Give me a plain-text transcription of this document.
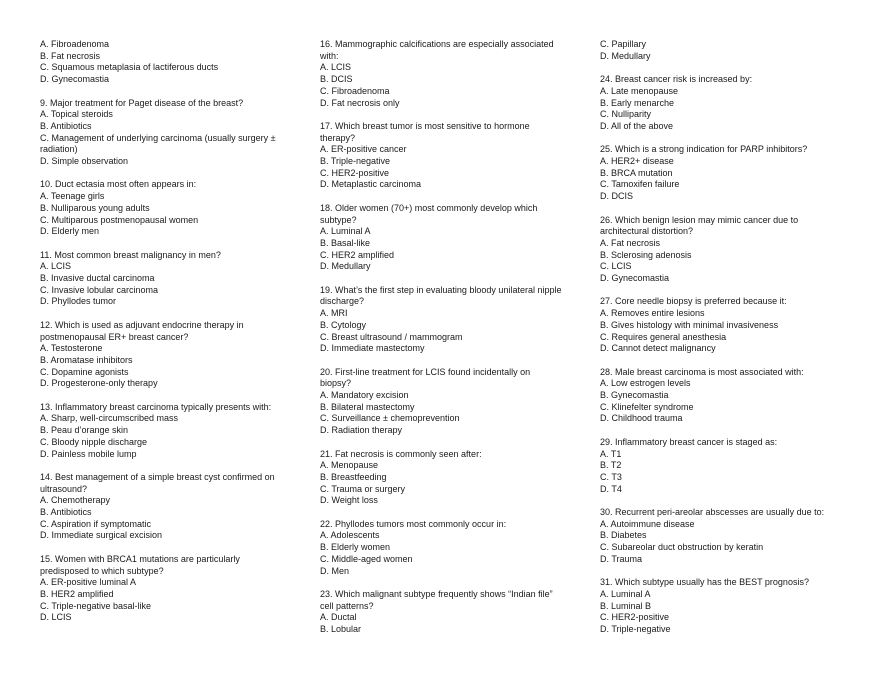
A. Fibroadenoma
B. Fat necrosis
C. Squamous metaplasia of lactiferous ducts
D. Gynecomastia
9. Major treatment for Paget disease of the breast?
A. Topical steroids
B. Antibiotics
C. Management of underlying carcinoma (usually surgery ±
radiation)
D. Simple observation
10. Duct ectasia most often appears in:
A. Teenage girls
B. Nulliparous young adults
C. Multiparous postmenopausal women
D. Elderly men
11. Most common breast malignancy in men?
A. LCIS
B. Invasive ductal carcinoma
C. Invasive lobular carcinoma
D. Phyllodes tumor
12. Which is used as adjuvant endocrine therapy in
postmenopausal ER+ breast cancer?
A. Testosterone
B. Aromatase inhibitors
C. Dopamine agonists
D. Progesterone-only therapy
13. Inflammatory breast carcinoma typically presents with:
A. Sharp, well-circumscribed mass
B. Peau d’orange skin
C. Bloody nipple discharge
D. Painless mobile lump
14. Best management of a simple breast cyst confirmed on
ultrasound?
A. Chemotherapy
B. Antibiotics
C. Aspiration if symptomatic
D. Immediate surgical excision
15. Women with BRCA1 mutations are particularly
predisposed to which subtype?
A. ER-positive luminal A
B. HER2 amplified
C. Triple-negative basal-like
D. LCIS
16. Mammographic calcifications are especially associated
with:
A. LCIS
B. DCIS
C. Fibroadenoma
D. Fat necrosis only
17. Which breast tumor is most sensitive to hormone
therapy?
A. ER-positive cancer
B. Triple-negative
C. HER2-positive
D. Metaplastic carcinoma
18. Older women (70+) most commonly develop which
subtype?
A. Luminal A
B. Basal-like
C. HER2 amplified
D. Medullary
19. What’s the first step in evaluating bloody unilateral nipple
discharge?
A. MRI
B. Cytology
C. Breast ultrasound / mammogram
D. Immediate mastectomy
20. First-line treatment for LCIS found incidentally on
biopsy?
A. Mandatory excision
B. Bilateral mastectomy
C. Surveillance ± chemoprevention
D. Radiation therapy
21. Fat necrosis is commonly seen after:
A. Menopause
B. Breastfeeding
C. Trauma or surgery
D. Weight loss
22. Phyllodes tumors most commonly occur in:
A. Adolescents
B. Elderly women
C. Middle-aged women
D. Men
23. Which malignant subtype frequently shows “Indian file”
cell patterns?
A. Ductal
B. Lobular
C. Papillary
D. Medullary
24. Breast cancer risk is increased by:
A. Late menopause
B. Early menarche
C. Nulliparity
D. All of the above
25. Which is a strong indication for PARP inhibitors?
A. HER2+ disease
B. BRCA mutation
C. Tamoxifen failure
D. DCIS
26. Which benign lesion may mimic cancer due to
architectural distortion?
A. Fat necrosis
B. Sclerosing adenosis
C. LCIS
D. Gynecomastia
27. Core needle biopsy is preferred because it:
A. Removes entire lesions
B. Gives histology with minimal invasiveness
C. Requires general anesthesia
D. Cannot detect malignancy
28. Male breast carcinoma is most associated with:
A. Low estrogen levels
B. Gynecomastia
C. Klinefelter syndrome
D. Childhood trauma
29. Inflammatory breast cancer is staged as:
A. T1
B. T2
C. T3
D. T4
30. Recurrent peri-areolar abscesses are usually due to:
A. Autoimmune disease
B. Diabetes
C. Subareolar duct obstruction by keratin
D. Trauma
31. Which subtype usually has the BEST prognosis?
A. Luminal A
B. Luminal B
C. HER2-positive
D. Triple-negative
